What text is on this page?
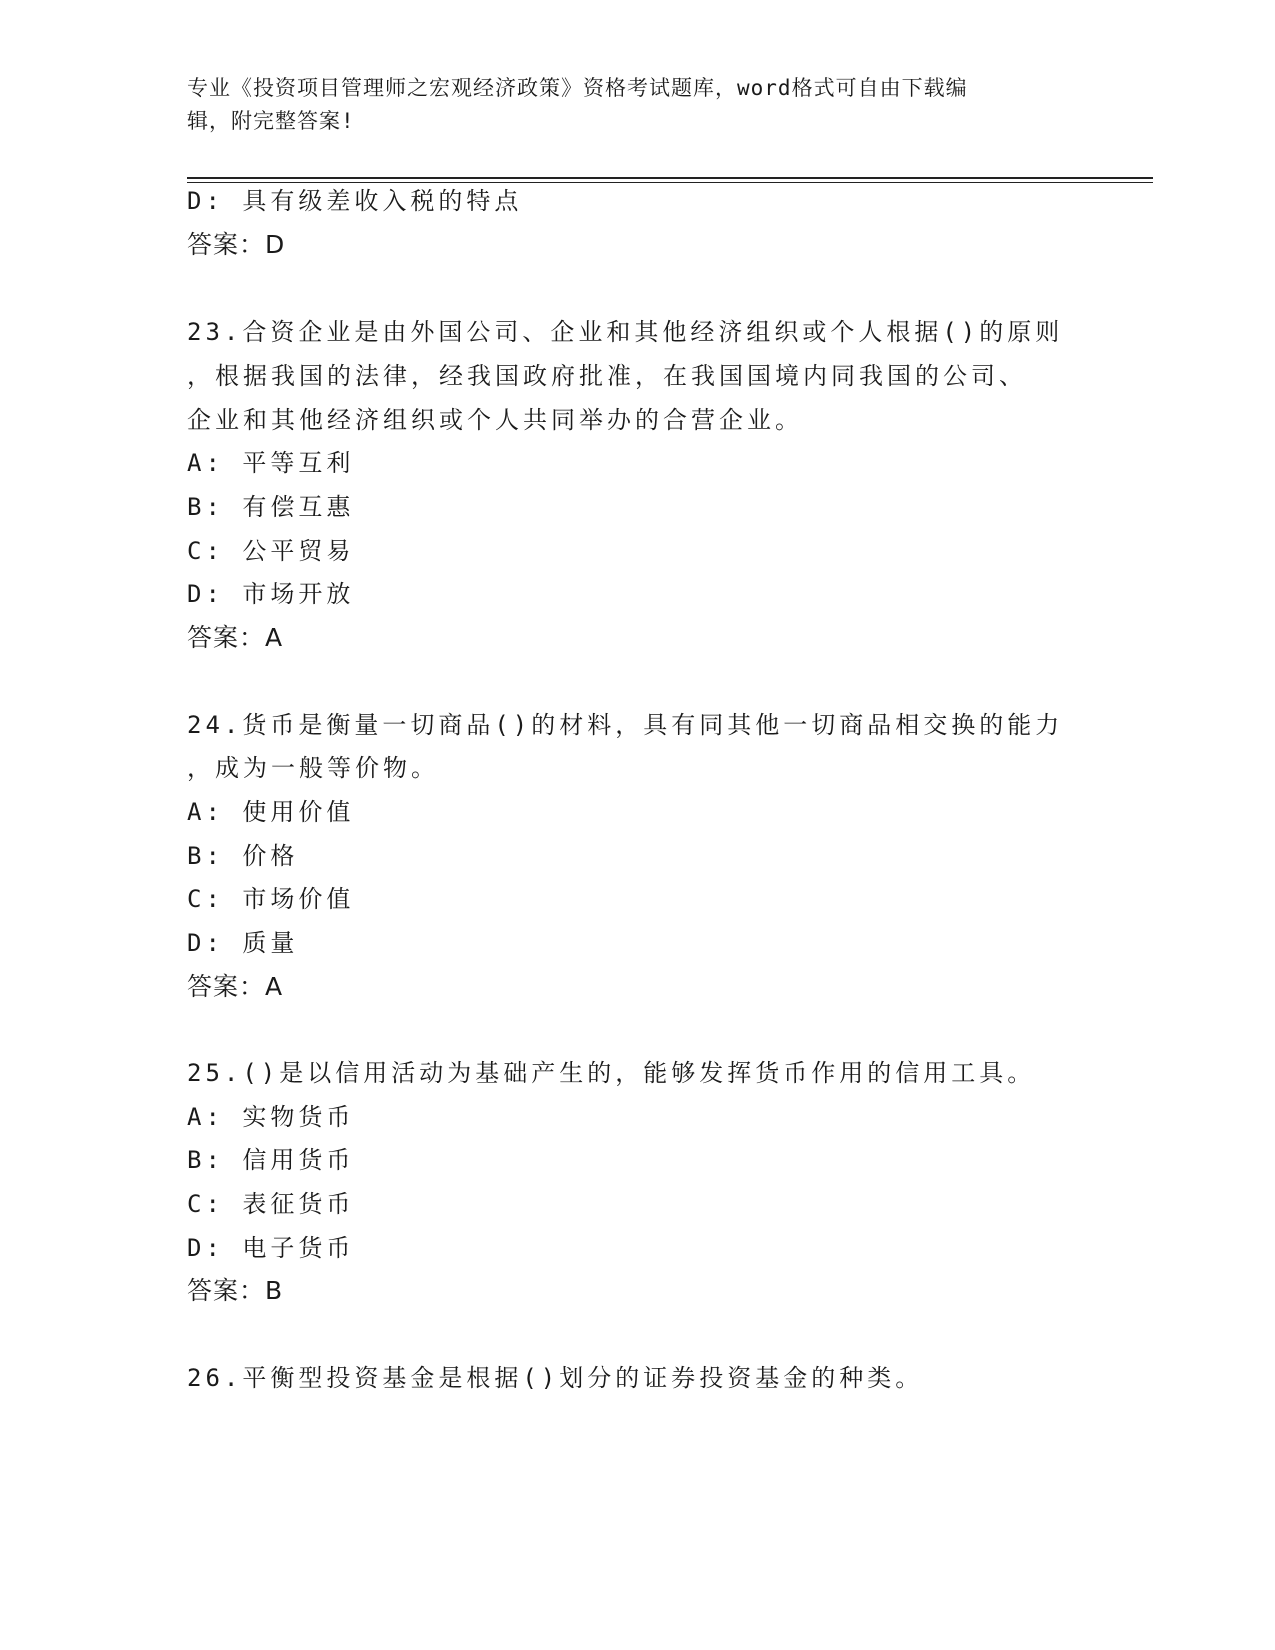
专业《投资项目管理师之宏观经济政策》资格考试题库，word格式可自由下载编
辑，附完整答案!
D: 具有级差收入税的特点
答案：D
23.合资企业是由外国公司、企业和其他经济组织或个人根据()的原则
，根据我国的法律，经我国政府批准，在我国国境内同我国的公司、
企业和其他经济组织或个人共同举办的合营企业。
A: 平等互利
B: 有偿互惠
C: 公平贸易
D: 市场开放
答案：A
24.货币是衡量一切商品()的材料，具有同其他一切商品相交换的能力
，成为一般等价物。
A: 使用价值
B: 价格
C: 市场价值
D: 质量
答案：A
25.()是以信用活动为基础产生的，能够发挥货币作用的信用工具。
A: 实物货币
B: 信用货币
C: 表征货币
D: 电子货币
答案：B
26.平衡型投资基金是根据()划分的证券投资基金的种类。
